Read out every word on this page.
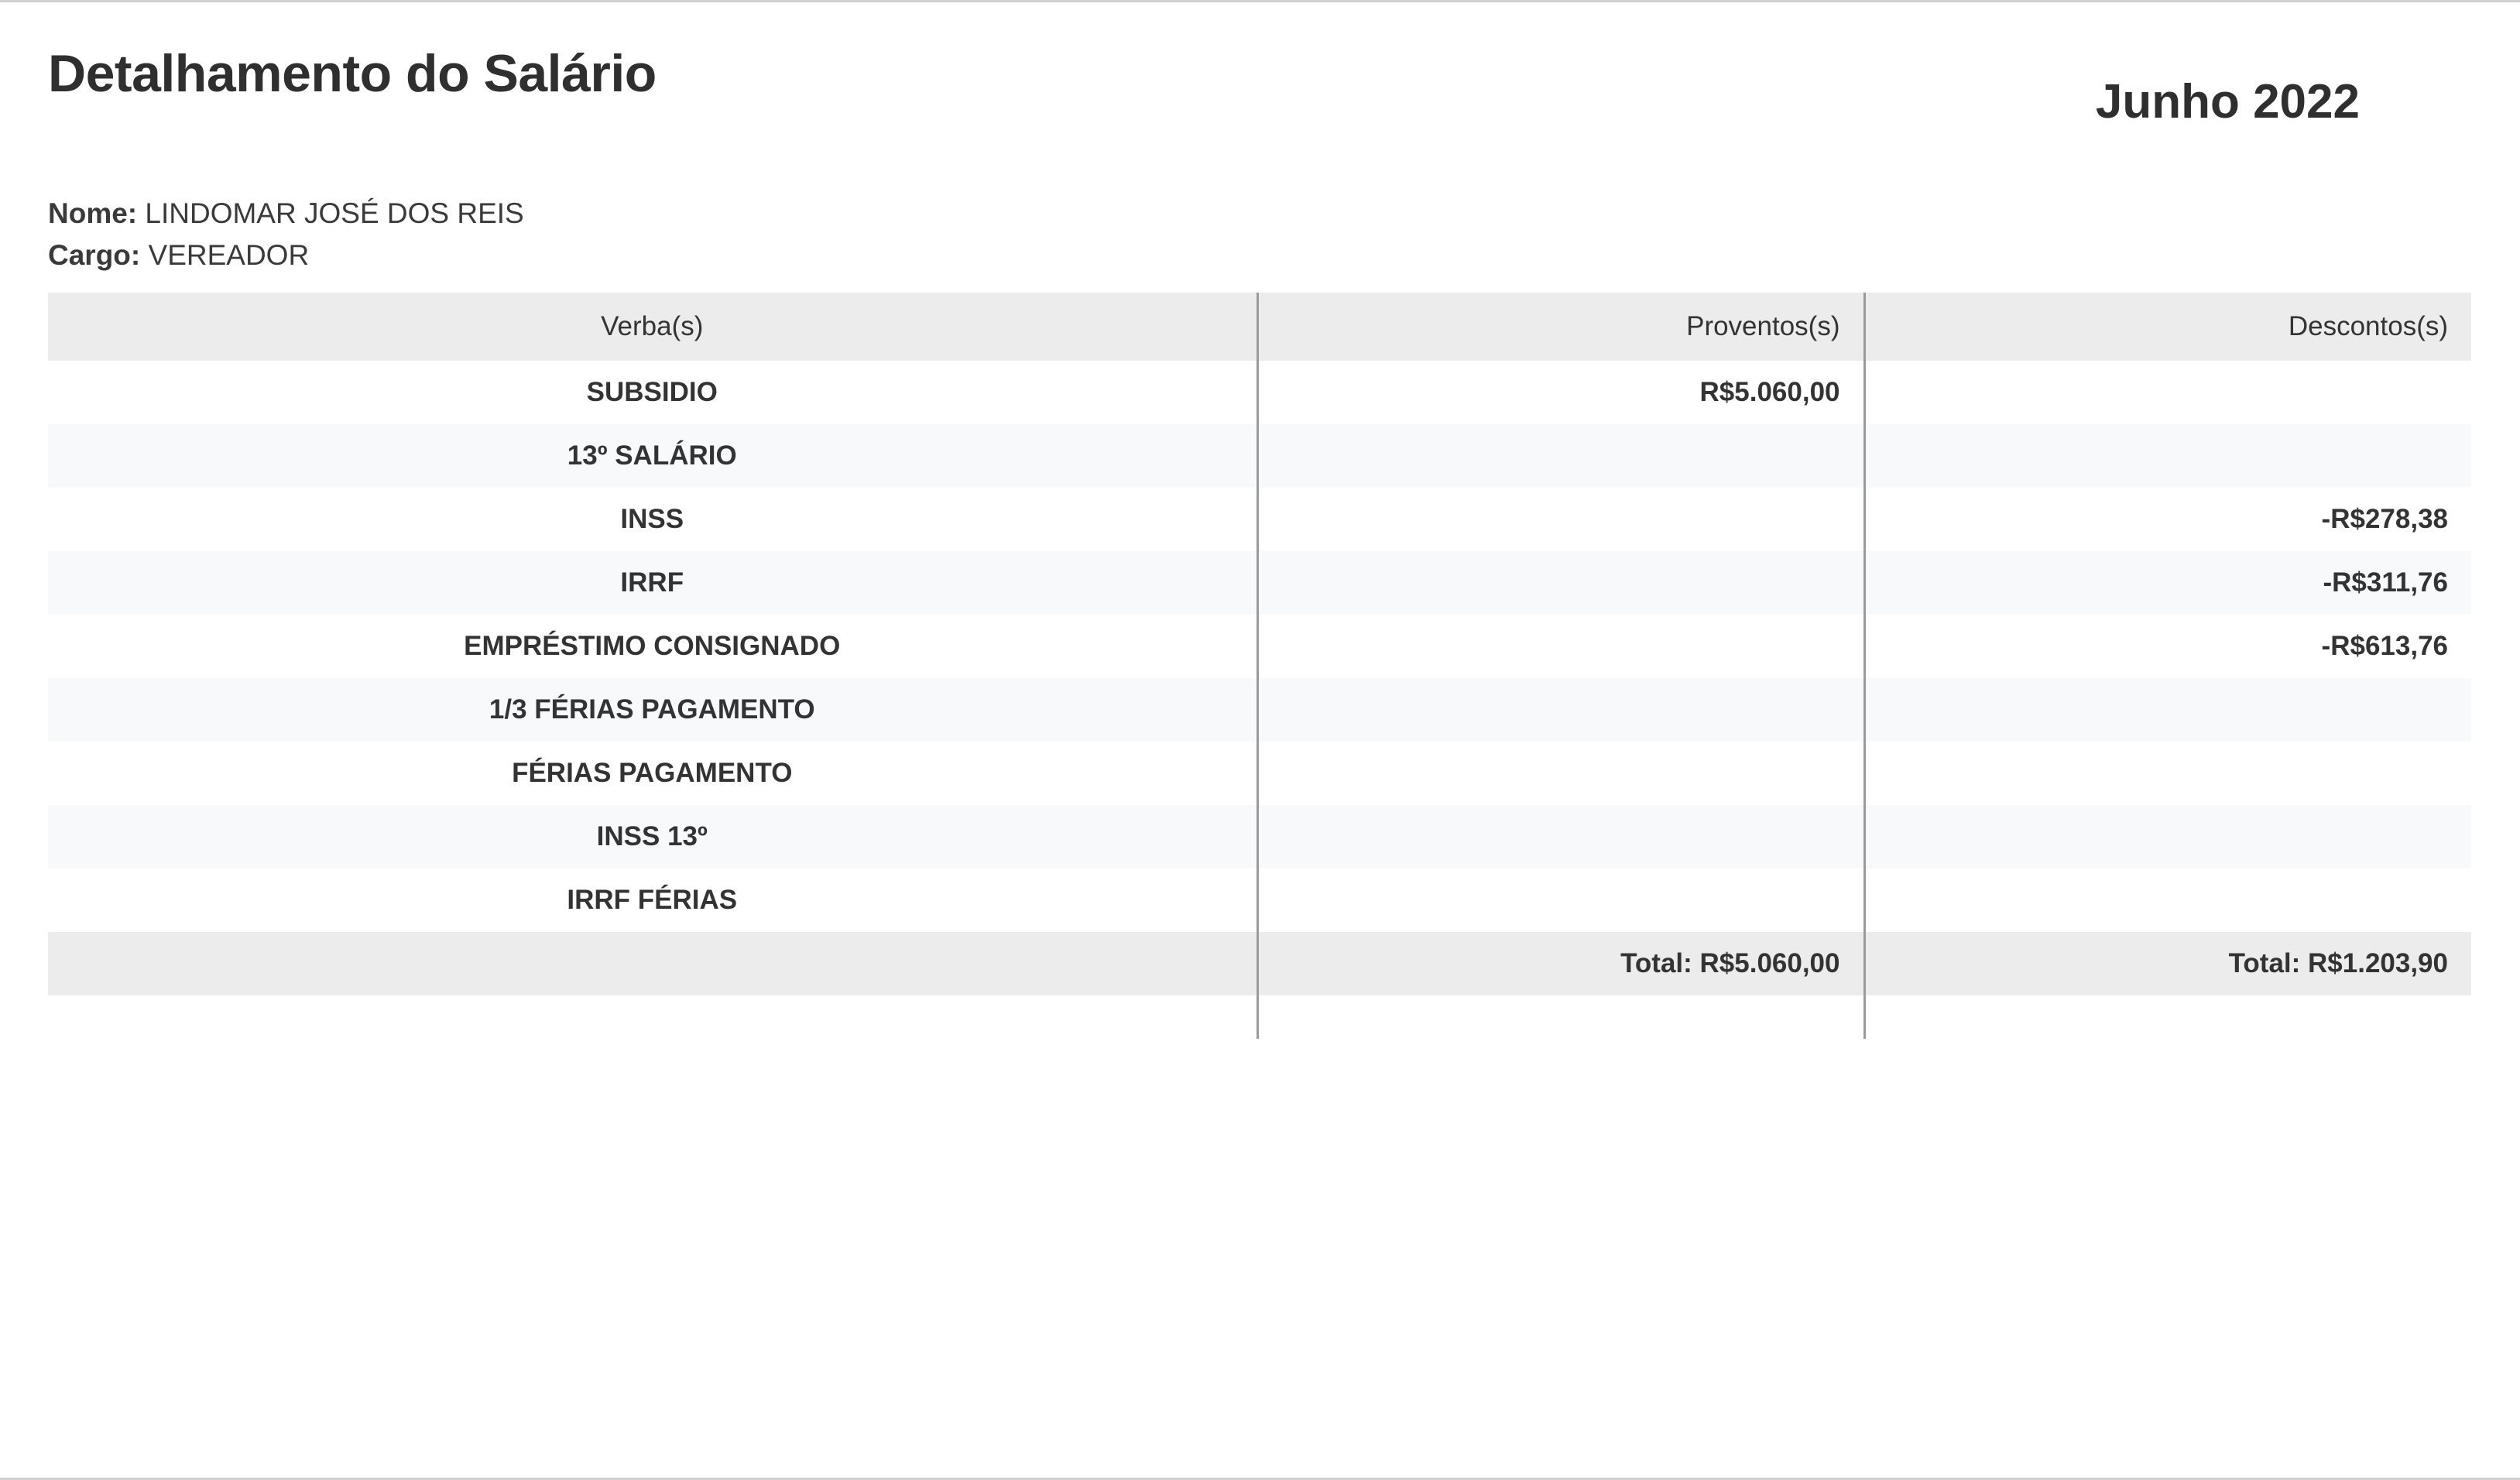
Detalhamento do Salário	Junho 2022
Nome: LINDOMAR JOSÉ DOS REIS
Cargo: VEREADOR
Verba(s)	Proventos(s)	Descontos(s)
SUBSIDIO	R$5.060,00	
13º SALÁRIO		
INSS		-R$278,38
IRRF		-R$311,76
EMPRÉSTIMO CONSIGNADO		-R$613,76
1/3 FÉRIAS PAGAMENTO		
FÉRIAS PAGAMENTO		
INSS 13º		
IRRF FÉRIAS		
	Total: R$5.060,00	Total: R$1.203,90
